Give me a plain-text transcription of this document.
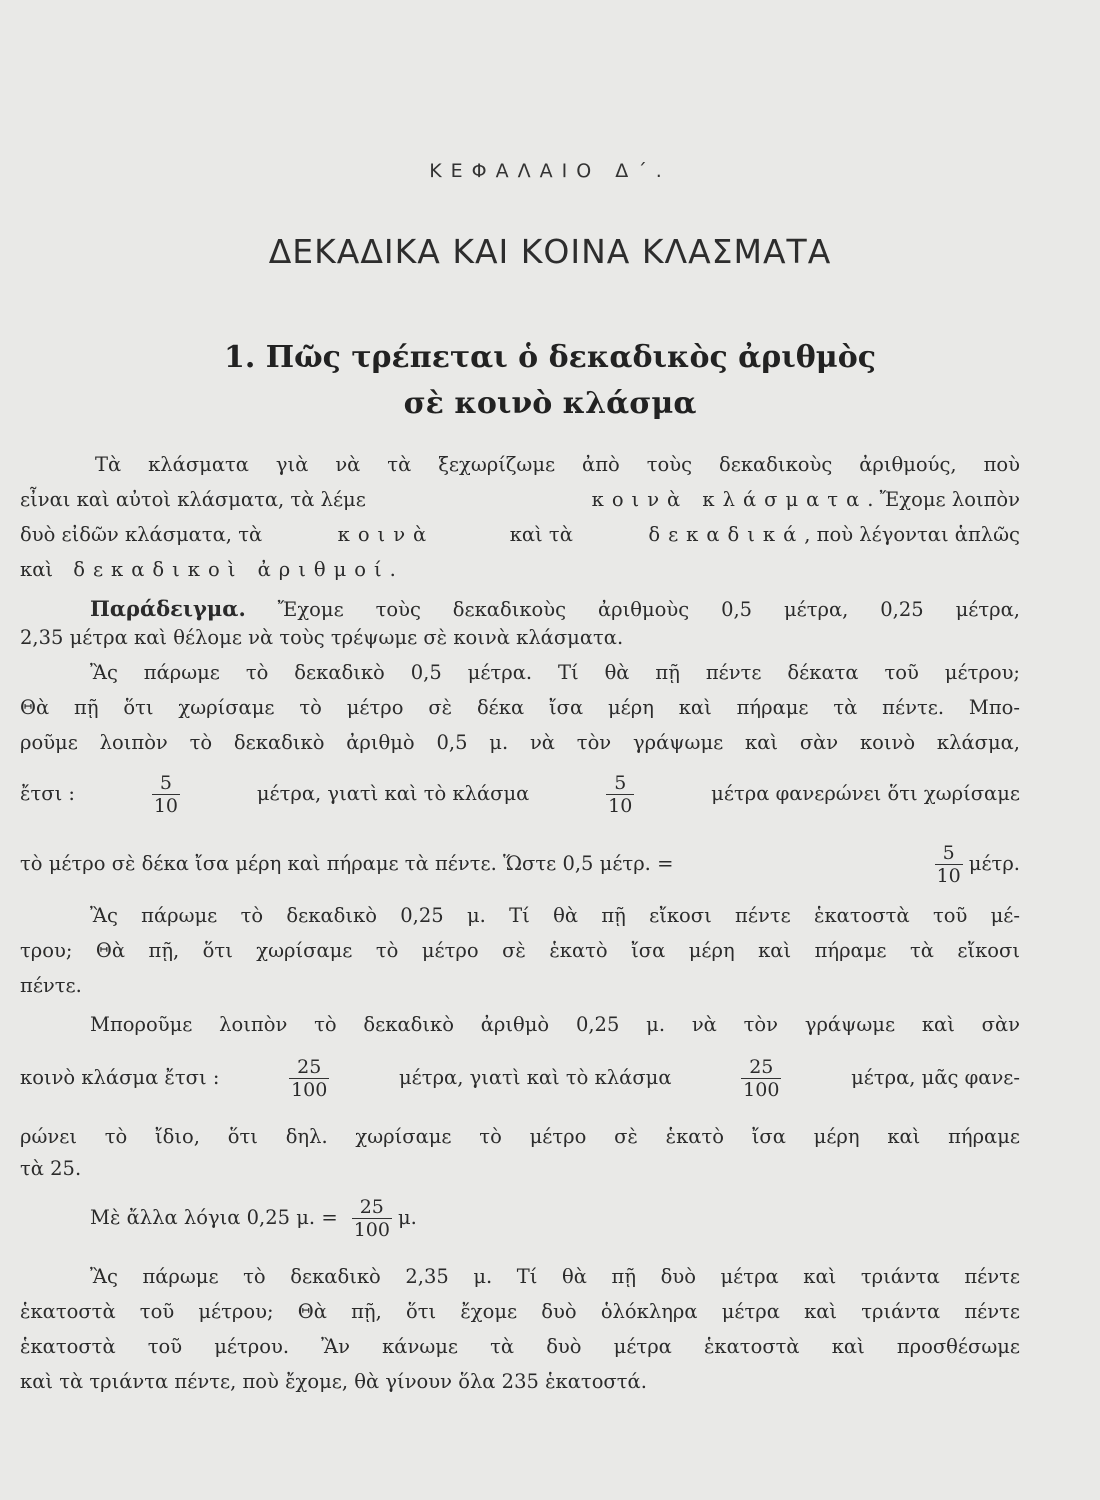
ΚΕΦΑΛΑΙΟ Δ΄.
ΔΕΚΑΔΙΚΑ ΚΑΙ ΚΟΙΝΑ ΚΛΑΣΜΑΤΑ
1. Πῶς τρέπεται ὁ δεκαδικὸς ἀριθμὸς
σὲ κοινὸ κλάσμα
Τὰ κλάσματα γιὰ νὰ τὰ ξεχωρίζωμε ἀπὸ τοὺς δεκαδικοὺς ἀριθμούς, ποὺ
εἶναι καὶ αὐτοὶ κλάσματα, τὰ λέμε	κοινὰ κλάσματα. Ἔχομε λοιπὸν
δυὸ εἰδῶν κλάσματα, τὰ	κοινὰ	καὶ τὰ	δεκαδικά, ποὺ λέγονται ἁπλῶς
καὶ δεκαδικοὶ ἀριθμοί.
Παράδειγμα. Ἔχομε τοὺς δεκαδικοὺς ἀριθμοὺς 0,5 μέτρα, 0,25 μέτρα,
2,35 μέτρα καὶ θέλομε νὰ τοὺς τρέψωμε σὲ κοινὰ κλάσματα.
Ἂς πάρωμε τὸ δεκαδικὸ 0,5 μέτρα. Τί θὰ πῇ πέντε δέκατα τοῦ μέτρου;
Θὰ πῇ ὅτι χωρίσαμε τὸ μέτρο σὲ δέκα ἴσα μέρη καὶ πήραμε τὰ πέντε. Μπο-
ροῦμε λοιπὸν τὸ δεκαδικὸ ἀριθμὸ 0,5 μ. νὰ τὸν γράψωμε καὶ σὰν κοινὸ κλάσμα,
ἔτσι :	$\frac{5}{10}$	μέτρα, γιατὶ καὶ τὸ κλάσμα	$\frac{5}{10}$	μέτρα φανερώνει ὅτι χωρίσαμε
τὸ μέτρο σὲ δέκα ἴσα μέρη καὶ πήραμε τὰ πέντε. Ὥστε 0,5 μέτρ. =	$\frac{5}{10} \mu έ\tau\rho$.
Ἂς πάρωμε τὸ δεκαδικὸ 0,25 μ. Τί θὰ πῇ εἴκοσι πέντε ἑκατοστὰ τοῦ μέ-
τρου; Θὰ πῇ, ὅτι χωρίσαμε τὸ μέτρο σὲ ἑκατὸ ἴσα μέρη καὶ πήραμε τὰ εἴκοσι
πέντε.
Μποροῦμε λοιπὸν τὸ δεκαδικὸ ἀριθμὸ 0,25 μ. νὰ τὸν γράψωμε καὶ σὰν
κοινὸ κλάσμα ἔτσι :	$\frac{25}{100}$	μέτρα, γιατὶ καὶ τὸ κλάσμα	$\frac{25}{100}$	μέτρα, μᾶς φανε-
ρώνει τὸ ἴδιο, ὅτι δηλ. χωρίσαμε τὸ μέτρο σὲ ἑκατὸ ἴσα μέρη καὶ πήραμε
τὰ 25.
Μὲ ἄλλα λόγια 0,25 μ. = $\frac{25}{100} \mu$.
Ἂς πάρωμε τὸ δεκαδικὸ 2,35 μ. Τί θὰ πῇ δυὸ μέτρα καὶ τριάντα πέντε
ἑκατοστὰ τοῦ μέτρου; Θὰ πῇ, ὅτι ἔχομε δυὸ ὁλόκληρα μέτρα καὶ τριάντα πέντε
ἑκατοστὰ τοῦ μέτρου. Ἂν κάνωμε τὰ δυὸ μέτρα ἑκατοστὰ καὶ προσθέσωμε
καὶ τὰ τριάντα πέντε, ποὺ ἔχομε, θὰ γίνουν ὅλα 235 ἑκατοστά.
